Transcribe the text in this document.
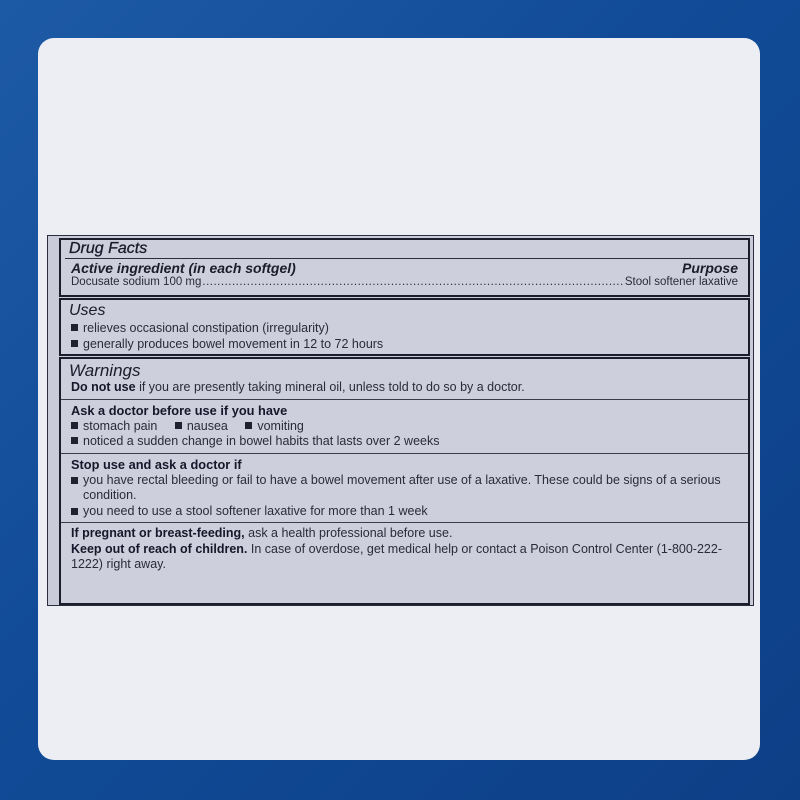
Drug Facts
Active ingredient (in each softgel)	Purpose
Docusate sodium 100 mg
.....	Stool softener laxative
Uses
relieves occasional constipation (irregularity)
generally produces bowel movement in 12 to 72 hours
Warnings
Do not use if you are presently taking mineral oil, unless told to do so by a doctor.
Ask a doctor before use if you have
stomach pain nausea vomiting
noticed a sudden change in bowel habits that lasts over 2 weeks
Stop use and ask a doctor if
you have rectal bleeding or fail to have a bowel movement after use of a laxative. These could be signs of a serious condition.
you need to use a stool softener laxative for more than 1 week
If pregnant or breast-feeding, ask a health professional before use.
Keep out of reach of children. In case of overdose, get medical help or contact a Poison Control Center (1-800-222-1222) right away.
